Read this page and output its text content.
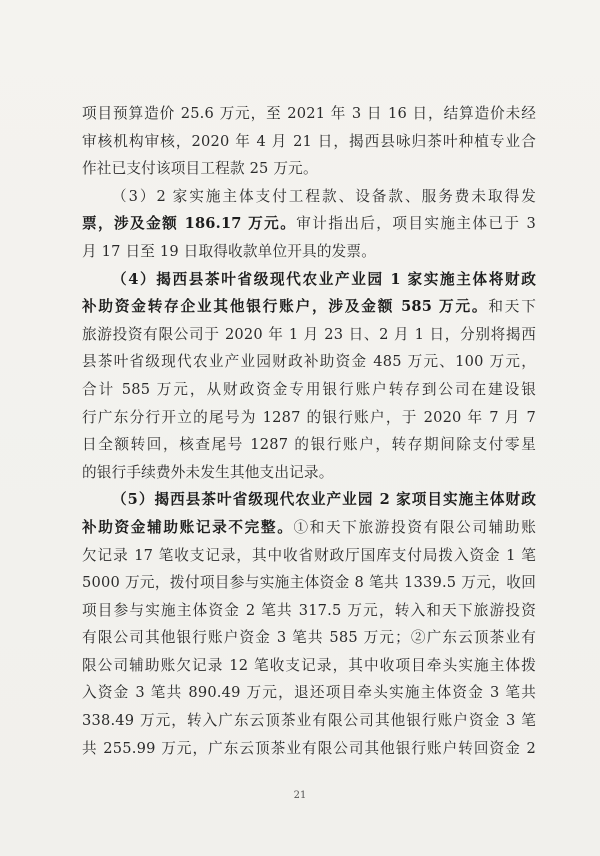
项目预算造价 25.6 万元，至 2021 年 3 日 16 日，结算造价未经
审核机构审核，2020 年 4 月 21 日，揭西县咏归茶叶种植专业合
作社已支付该项目工程款 25 万元。
（3）2 家实施主体支付工程款、设备款、服务费未取得发
票，涉及金额 186.17 万元。审计指出后，项目实施主体已于 3
月 17 日至 19 日取得收款单位开具的发票。
（4）揭西县茶叶省级现代农业产业园 1 家实施主体将财政
补助资金转存企业其他银行账户，涉及金额 585 万元。和天下
旅游投资有限公司于 2020 年 1 月 23 日、2 月 1 日，分别将揭西
县茶叶省级现代农业产业园财政补助资金 485 万元、100 万元，
合计 585 万元，从财政资金专用银行账户转存到公司在建设银
行广东分行开立的尾号为 1287 的银行账户，于 2020 年 7 月 7
日全额转回，核查尾号 1287 的银行账户，转存期间除支付零星
的银行手续费外未发生其他支出记录。
（5）揭西县茶叶省级现代农业产业园 2 家项目实施主体财政
补助资金辅助账记录不完整。①和天下旅游投资有限公司辅助账
欠记录 17 笔收支记录，其中收省财政厅国库支付局拨入资金 1 笔
5000 万元，拨付项目参与实施主体资金 8 笔共 1339.5 万元，收回
项目参与实施主体资金 2 笔共 317.5 万元，转入和天下旅游投资
有限公司其他银行账户资金 3 笔共 585 万元；②广东云顶茶业有
限公司辅助账欠记录 12 笔收支记录，其中收项目牵头实施主体拨
入资金 3 笔共 890.49 万元，退还项目牵头实施主体资金 3 笔共
338.49 万元，转入广东云顶茶业有限公司其他银行账户资金 3 笔
共 255.99 万元，广东云顶茶业有限公司其他银行账户转回资金 2
21
